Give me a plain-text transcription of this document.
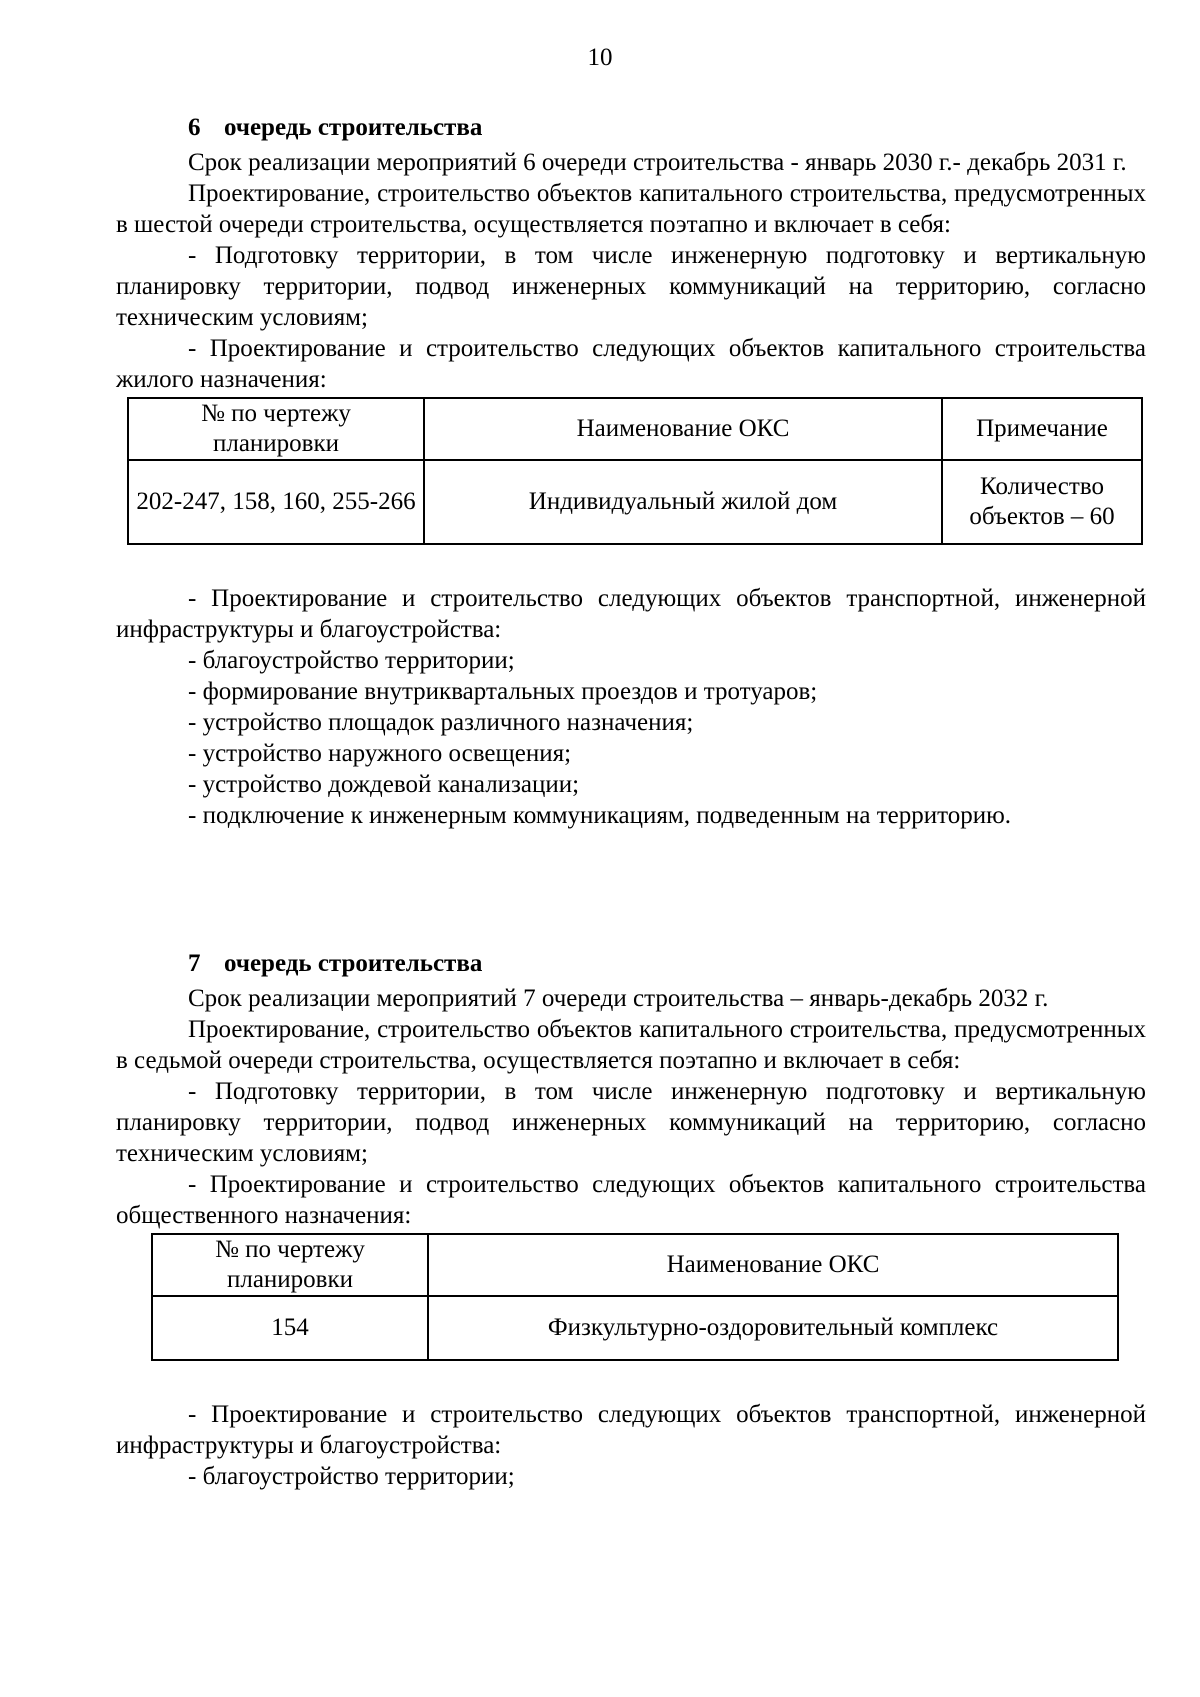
10
6 очередь строительства

Срок реализации мероприятий 6 очереди строительства - январь 2030 г.- декабрь 2031 г.

Проектирование, строительство объектов капитального строительства, предусмотренных в шестой очереди строительства, осуществляется поэтапно и включает в себя:

- Подготовку территории, в том числе инженерную подготовку и вертикальную планировку территории, подвод инженерных коммуникаций на территорию, согласно техническим условиям;

- Проектирование и строительство следующих объектов капитального строительства жилого назначения:

№ по чертежу планировки	Наименование ОКС	Примечание
202-247, 158, 160, 255-266	Индивидуальный жилой дом	Количество объектов – 60

- Проектирование и строительство следующих объектов транспортной, инженерной инфраструктуры и благоустройства:

- благоустройство территории;
- формирование внутриквартальных проездов и тротуаров;
- устройство площадок различного назначения;
- устройство наружного освещения;
- устройство дождевой канализации;
- подключение к инженерным коммуникациям, подведенным на территорию.
7 очередь строительства

Срок реализации мероприятий 7 очереди строительства – январь-декабрь 2032 г.

Проектирование, строительство объектов капитального строительства, предусмотренных в седьмой очереди строительства, осуществляется поэтапно и включает в себя:

- Подготовку территории, в том числе инженерную подготовку и вертикальную планировку территории, подвод инженерных коммуникаций на территорию, согласно техническим условиям;

- Проектирование и строительство следующих объектов капитального строительства общественного назначения:

№ по чертежу планировки	Наименование ОКС
154	Физкультурно-оздоровительный комплекс

- Проектирование и строительство следующих объектов транспортной, инженерной инфраструктуры и благоустройства:

- благоустройство территории;
